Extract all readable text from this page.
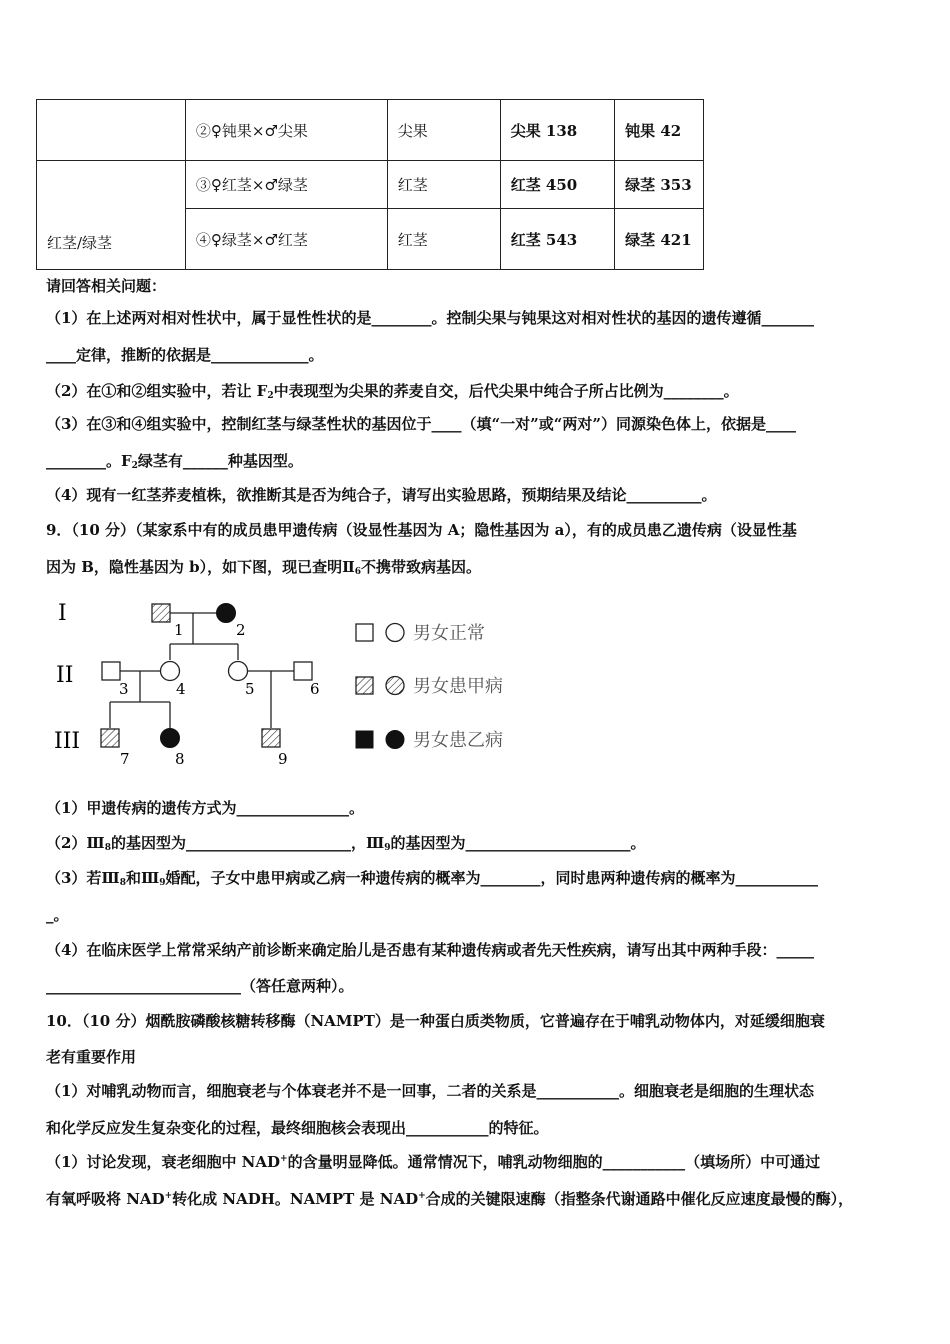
	②♀钝果×♂尖果	尖果	尖果 138	钝果 42
红茎/绿茎	③♀红茎×♂绿茎	红茎	红茎 450	绿茎 353
	④♀绿茎×♂红茎	红茎	红茎 543	绿茎 421
请回答相关问题：
（1）在上述两对相对性状中，属于显性性状的是________。控制尖果与钝果这对相对性状的基因的遗传遵循_______
____定律，推断的依据是_____________。
（2）在①和②组实验中，若让 $F_2$中表现型为尖果的荞麦自交，后代尖果中纯合子所占比例为________。
（3）在③和④组实验中，控制红茎与绿茎性状的基因位于____（填“一对”或“两对”）同源染色体上，依据是____
________。$F_2$绿茎有______种基因型。
（4）现有一红茎荞麦植株，欲推断其是否为纯合子，请写出实验思路，预期结果及结论__________。
9．（10 分）（某家系中有的成员患甲遗传病（设显性基因为 A；隐性基因为 a），有的成员患乙遗传病（设显性基
因为 B，隐性基因为 b），如下图，现已查明$Ⅱ_6$不携带致病基因。
I
II
III
1	2
3	4	5	6
7	8	9
男女正常
男女患甲病
男女患乙病
（1）甲遗传病的遗传方式为_______________。
$(2)Ⅲ_8$的基因型为______________________，$Ⅲ_9$的基因型为______________________。
（3）若$Ⅲ_8$和$Ⅲ_9$婚配，子女中患甲病或乙病一种遗传病的概率为________，同时患两种遗传病的概率为___________
_。
（4）在临床医学上常常采纳产前诊断来确定胎儿是否患有某种遗传病或者先天性疾病，请写出其中两种手段：_____
__________________________（答任意两种）。
10．（10 分）烟酰胺磷酸核糖转移酶（NAMPT）是一种蛋白质类物质，它普遍存在于哺乳动物体内，对延缓细胞衰
老有重要作用
（1）对哺乳动物而言，细胞衰老与个体衰老并不是一回事，二者的关系是___________。细胞衰老是细胞的生理状态
和化学反应发生复杂变化的过程，最终细胞核会表现出___________的特征。
（1）讨论发现，衰老细胞中 NAD+的含量明显降低。通常情况下，哺乳动物细胞的___________（填场所）中可通过
有氧呼吸将 NAD+转化成 NADH。NAMPT 是 NAD+合成的关键限速酶（指整条代谢通路中催化反应速度最慢的酶），
